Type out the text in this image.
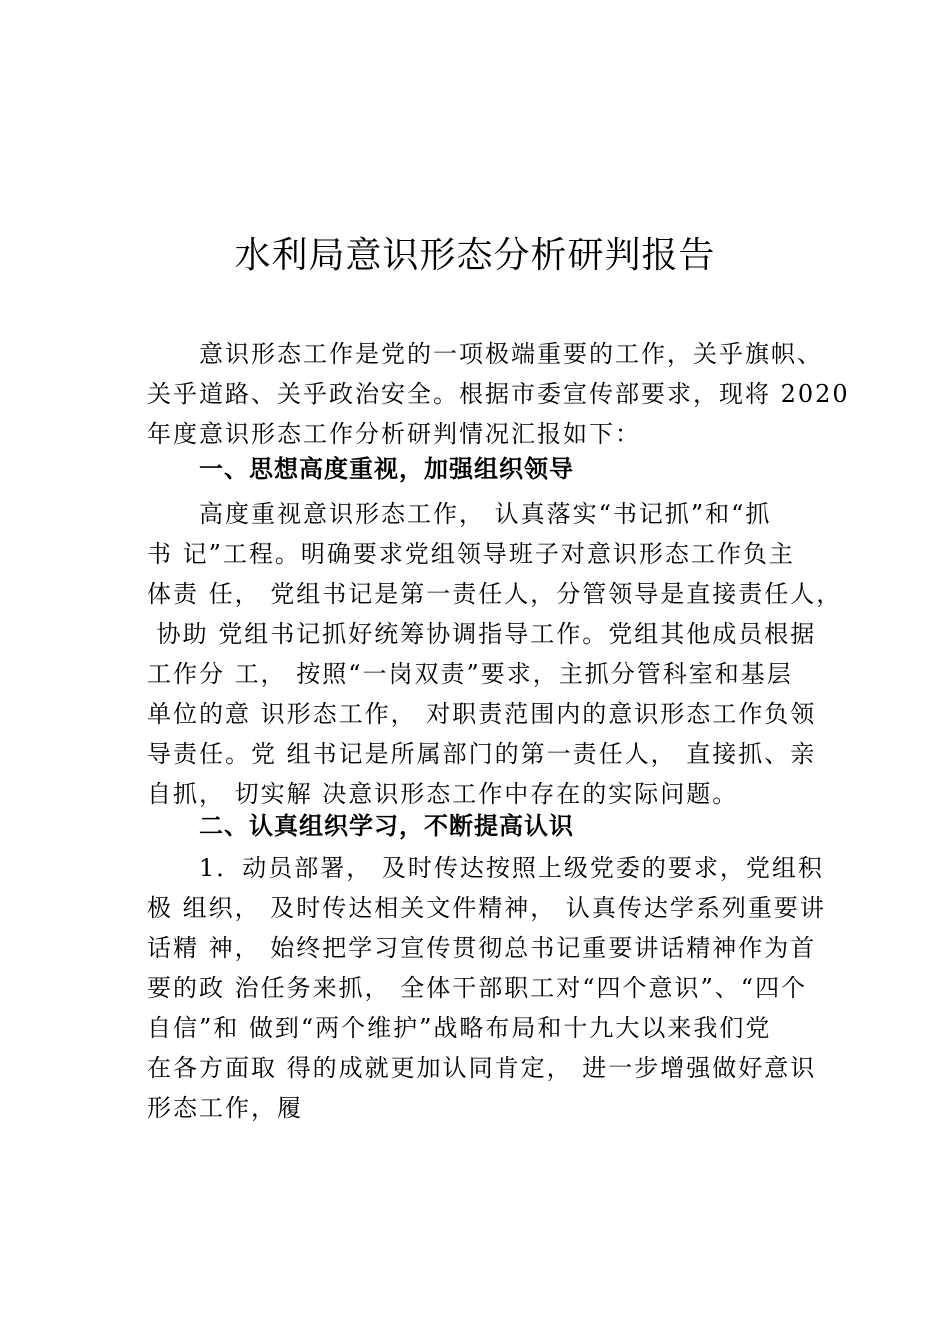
水利局意识形态分析研判报告
意识形态工作是党的一项极端重要的工作，关乎旗帜、
关乎道路、关乎政治安全。根据市委宣传部要求，现将 2020
年度意识形态工作分析研判情况汇报如下：
一、思想高度重视，加强组织领导
高度重视意识形态工作， 认真落实“书记抓”和“抓
书 记”工程。明确要求党组领导班子对意识形态工作负主
体责 任， 党组书记是第一责任人，分管领导是直接责任人，
协助 党组书记抓好统筹协调指导工作。党组其他成员根据
工作分 工， 按照“一岗双责”要求，主抓分管科室和基层
单位的意 识形态工作， 对职责范围内的意识形态工作负领
导责任。党 组书记是所属部门的第一责任人， 直接抓、亲
自抓， 切实解 决意识形态工作中存在的实际问题。
二、认真组织学习，不断提高认识
1．动员部署， 及时传达按照上级党委的要求，党组积
极 组织， 及时传达相关文件精神， 认真传达学系列重要讲
话精 神， 始终把学习宣传贯彻总书记重要讲话精神作为首
要的政 治任务来抓， 全体干部职工对“四个意识”、“四个
自信”和 做到“两个维护”战略布局和十九大以来我们党
在各方面取 得的成就更加认同肯定， 进一步增强做好意识
形态工作，履
